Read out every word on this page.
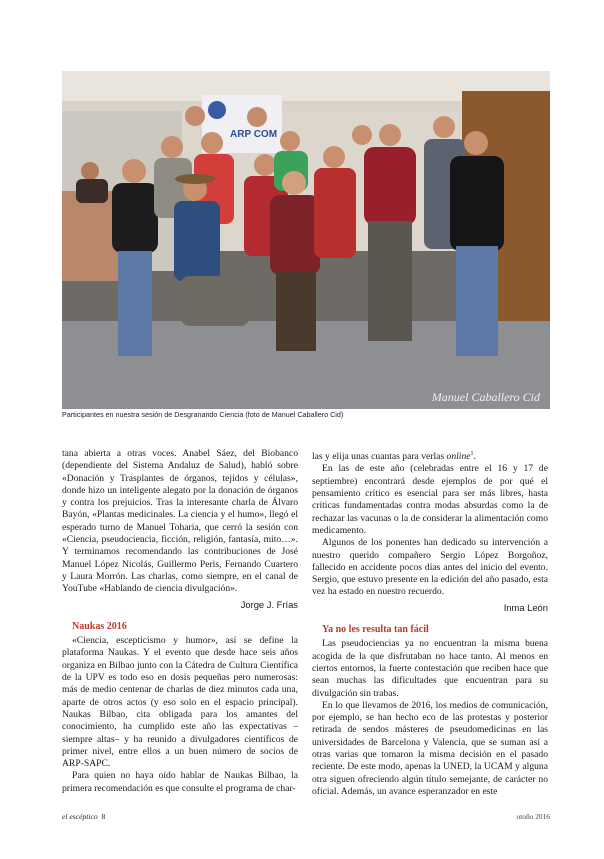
ARP COM
Manuel Caballero Cid
Participantes en nuestra sesión de Desgranando Ciencia (foto de Manuel Caballero Cid)

tana abierta a otras voces. Anabel Sáez, del Biobanco (dependiente del Sistema Andaluz de Salud), habló sobre «Donación y Trasplantes de órganos, tejidos y células», donde hizo un inteligente alegato por la donación de órganos y contra los prejuicios. Tras la interesante charla de Álvaro Bayón, «Plantas medicinales. La ciencia y el humo», llegó el esperado turno de Manuel Toharia, que cerró la sesión con «Ciencia, pseudociencia, ficción, religión, fantasía, mito…». Y terminamos recomendando las contribuciones de José Manuel López Nicolás, Guillermo Peris, Fernando Cuartero y Laura Morrón. Las charlas, como siempre, en el canal de YouTube «Hablando de ciencia divulgación».

Jorge J. Frías
Naukas 2016

«Ciencia, escepticismo y humor», así se define la plataforma Naukas. Y el evento que desde hace seis años organiza en Bilbao junto con la Cátedra de Cultura Científica de la UPV es todo eso en dosis pequeñas pero numerosas: más de medio centenar de charlas de diez minutos cada una, aparte de otros actos (y eso solo en el espacio principal). Naukas Bilbao, cita obligada para los amantes del conocimiento, ha cumplido este año las expectativas –siempre altas– y ha reunido a divulgadores científicos de primer nivel, entre ellos a un buen número de socios de ARP-SAPC.

Para quien no haya oído hablar de Naukas Bilbao, la primera recomendación es que consulte el programa de char-

las y elija unas cuantas para verlas online$^1$.

En las de este año (celebradas entre el 16 y 17 de septiembre) encontrará desde ejemplos de por qué el pensamiento crítico es esencial para ser más libres, hasta críticas fundamentadas contra modas absurdas como la de rechazar las vacunas o la de considerar la alimentación como medicamento.

Algunos de los ponentes han dedicado su intervención a nuestro querido compañero Sergio López Borgoñoz, fallecido en accidente pocos días antes del inicio del evento. Sergio, que estuvo presente en la edición del año pasado, esta vez ha estado en nuestro recuerdo.

Inma León
Ya no les resulta tan fácil

Las pseudociencias ya no encuentran la misma buena acogida de la que disfrutaban no hace tanto. Al menos en ciertos entornos, la fuerte contestación que reciben hace que sean muchas las dificultades que encuentran para su divulgación sin trabas.

En lo que llevamos de 2016, los medios de comunicación, por ejemplo, se han hecho eco de las protestas y posterior retirada de sendos másteres de pseudomedicinas en las universidades de Barcelona y Valencia, que se suman así a otras varias que tomaron la misma decisión en el pasado reciente. De este modo, apenas la UNED, la UCAM y alguna otra siguen ofreciendo algún título semejante, de carácter no oficial. Además, un avance esperanzador en este

el escéptico 8	otoño 2016
